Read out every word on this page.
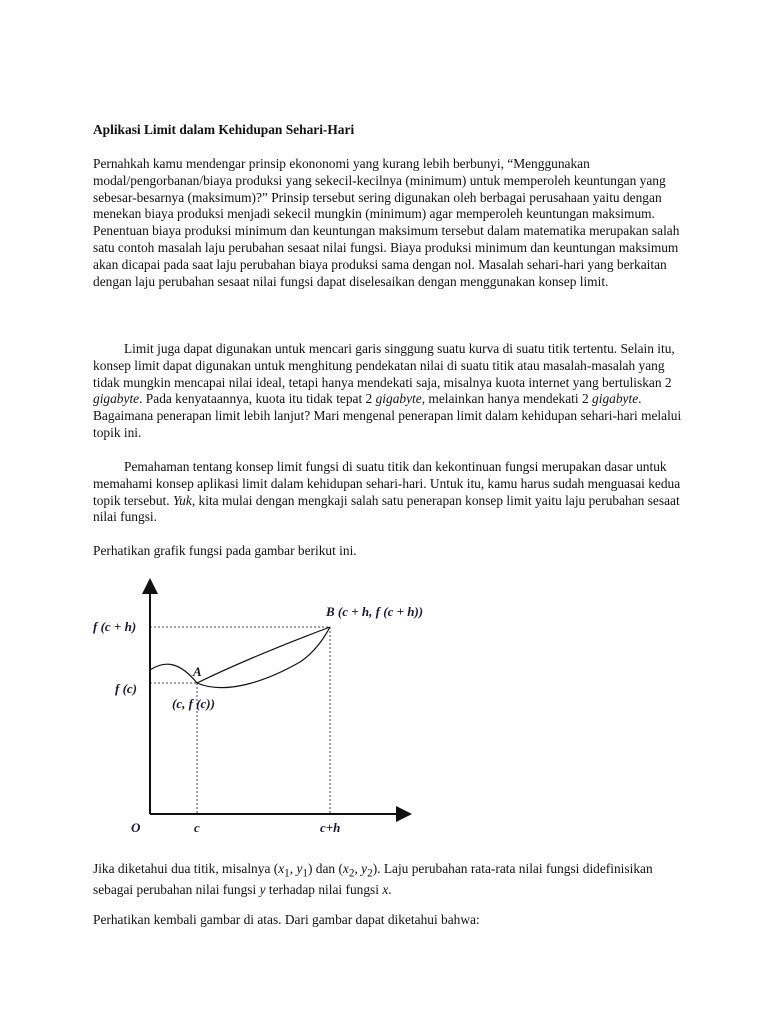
Aplikasi Limit dalam Kehidupan Sehari-Hari

Pernahkah kamu mendengar prinsip ekononomi yang kurang lebih berbunyi, “Menggunakan modal/pengorbanan/biaya produksi yang sekecil-kecilnya (minimum) untuk memperoleh keuntungan yang sebesar-besarnya (maksimum)?” Prinsip tersebut sering digunakan oleh berbagai perusahaan yaitu dengan menekan biaya produksi menjadi sekecil mungkin (minimum) agar memperoleh keuntungan maksimum. Penentuan biaya produksi minimum dan keuntungan maksimum tersebut dalam matematika merupakan salah satu contoh masalah laju perubahan sesaat nilai fungsi. Biaya produksi minimum dan keuntungan maksimum akan dicapai pada saat laju perubahan biaya produksi sama dengan nol. Masalah sehari-hari yang berkaitan dengan laju perubahan sesaat nilai fungsi dapat diselesaikan dengan menggunakan konsep limit.

Limit juga dapat digunakan untuk mencari garis singgung suatu kurva di suatu titik tertentu. Selain itu, konsep limit dapat digunakan untuk menghitung pendekatan nilai di suatu titik atau masalah-masalah yang tidak mungkin mencapai nilai ideal, tetapi hanya mendekati saja, misalnya kuota internet yang bertuliskan 2 gigabyte. Pada kenyataannya, kuota itu tidak tepat 2 gigabyte, melainkan hanya mendekati 2 gigabyte. Bagaimana penerapan limit lebih lanjut? Mari mengenal penerapan limit dalam kehidupan sehari-hari melalui topik ini.

Pemahaman tentang konsep limit fungsi di suatu titik dan kekontinuan fungsi merupakan dasar untuk memahami konsep aplikasi limit dalam kehidupan sehari-hari. Untuk itu, kamu harus sudah menguasai kedua topik tersebut. Yuk, kita mulai dengan mengkaji salah satu penerapan konsep limit yaitu laju perubahan sesaat nilai fungsi.

Perhatikan grafik fungsi pada gambar berikut ini.
f (c + h)
f (c)
A
(c, f (c))
B (c + h, f (c + h))
O	c	c+h

Jika diketahui dua titik, misalnya ($x_1$, $y_1$) dan ($x_2$, $y_2$). Laju perubahan rata-rata nilai fungsi didefinisikan sebagai perubahan nilai fungsi y terhadap nilai fungsi x.

Perhatikan kembali gambar di atas. Dari gambar dapat diketahui bahwa:
